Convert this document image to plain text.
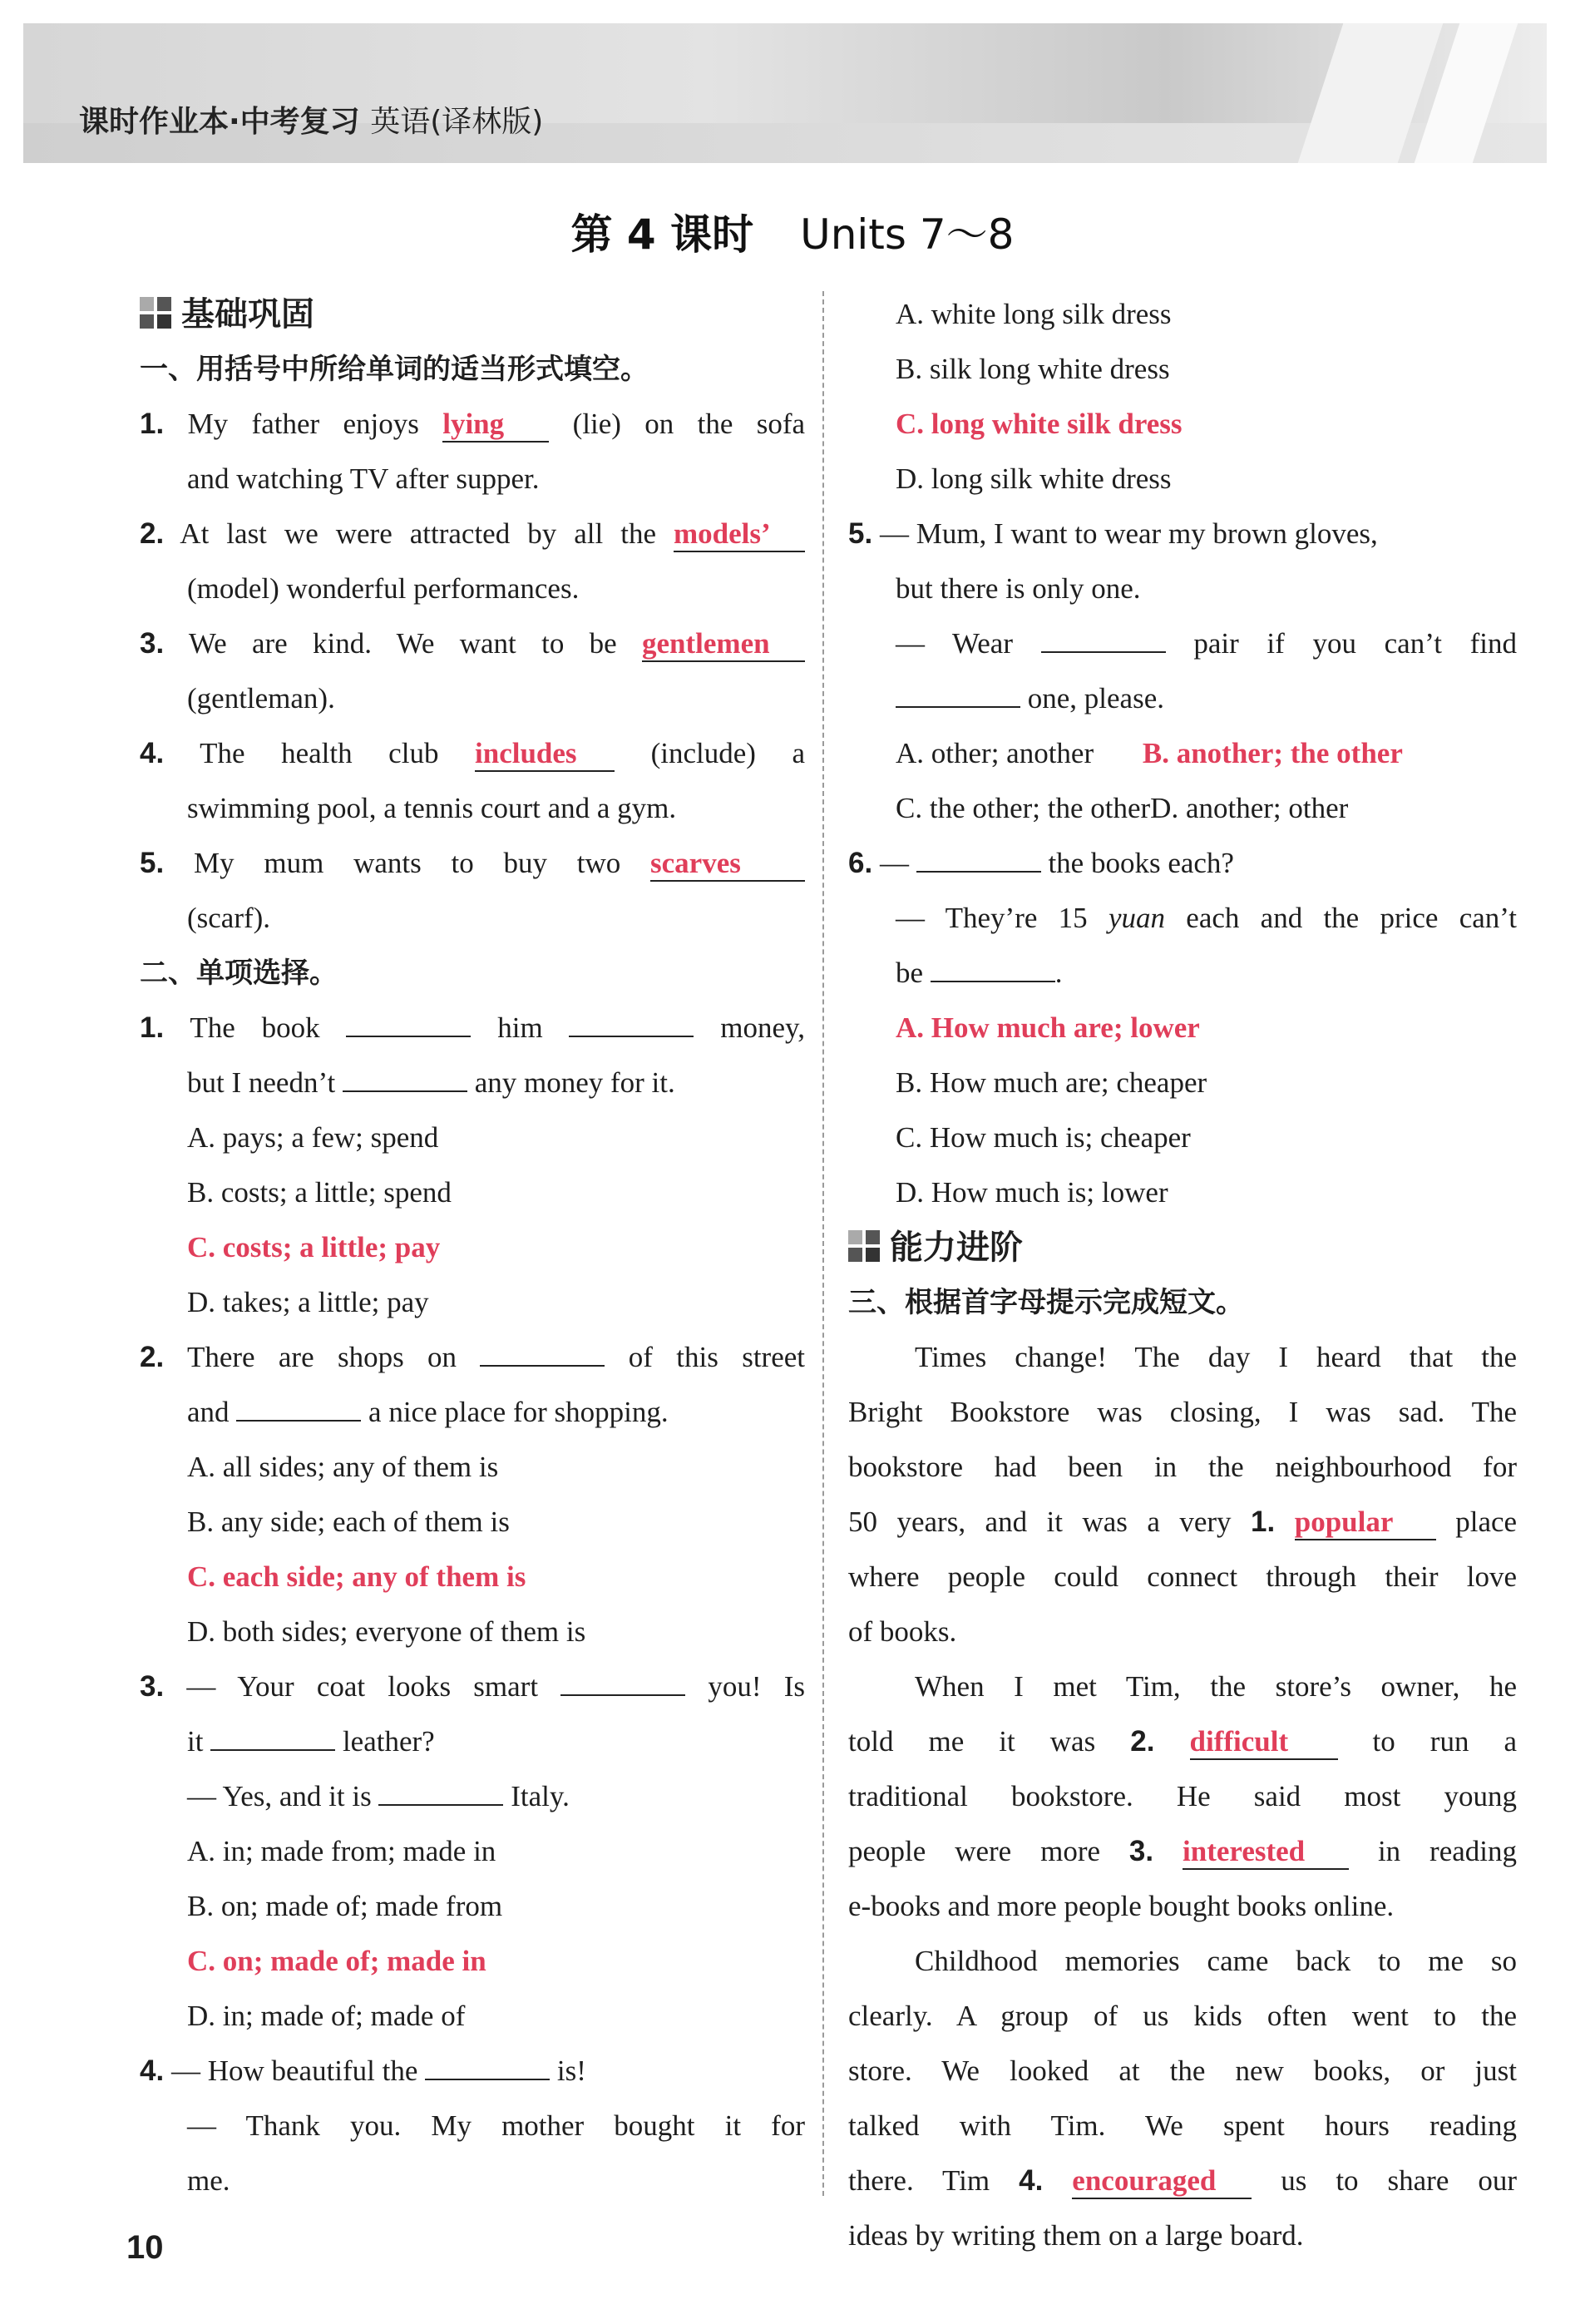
课时作业本·中考复习 英语(译林版)
第 4 课时 Units 7～8
基础巩固
一、用括号中所给单词的适当形式填空。
1. My father enjoys lying (lie) on the sofa
and watching TV after supper.
2. At last we were attracted by all the models’
(model) wonderful performances.
3. We are kind. We want to be gentlemen
(gentleman).
4. The health club includes	(include) a
swimming pool, a tennis court and a gym.
5. My mum wants to buy two scarves
(scarf).
二、单项选择。
1. The book	him	money,
but I needn’t	any money for it.
A. pays; a few; spend
B. costs; a little; spend
C. costs; a little; pay
D. takes; a little; pay
2. There are shops on	of this street
and	a nice place for shopping.
A. all sides; any of them is
B. any side; each of them is
C. each side; any of them is
D. both sides; everyone of them is
3. — Your coat looks smart	you! Is
it	leather?
— Yes, and it is	Italy.
A. in; made from; made in
B. on; made of; made from
C. on; made of; made in
D. in; made of; made of
4. — How beautiful the	is!
— Thank you. My mother bought it for
me.
A. white long silk dress
B. silk long white dress
C. long white silk dress
D. long silk white dress
5. — Mum, I want to wear my brown gloves,
but there is only one.
— Wear	pair if you can’t find
one, please.
A. other; another B. another; the other
C. the other; the otherD. another; other
6. —	the books each?
— They’re 15 yuan each and the price can’t
be	.
A. How much are; lower
B. How much are; cheaper
C. How much is; cheaper
D. How much is; lower
能力进阶
三、根据首字母提示完成短文。
Times change! The day I heard that the
Bright Bookstore was closing, I was sad. The
bookstore had been in the neighbourhood for
50 years, and it was a very 1. popular place
where people could connect through their love
of books.
When I met Tim, the store’s owner, he
told me it was 2. difficult	to run a
traditional bookstore. He said most young
people were more 3. interested	in reading
e-books and more people bought books online.
Childhood memories came back to me so
clearly. A group of us kids often went to the
store. We looked at the new books, or just
talked with Tim. We spent hours reading
there. Tim 4. encouraged us to share our
ideas by writing them on a large board.
10
